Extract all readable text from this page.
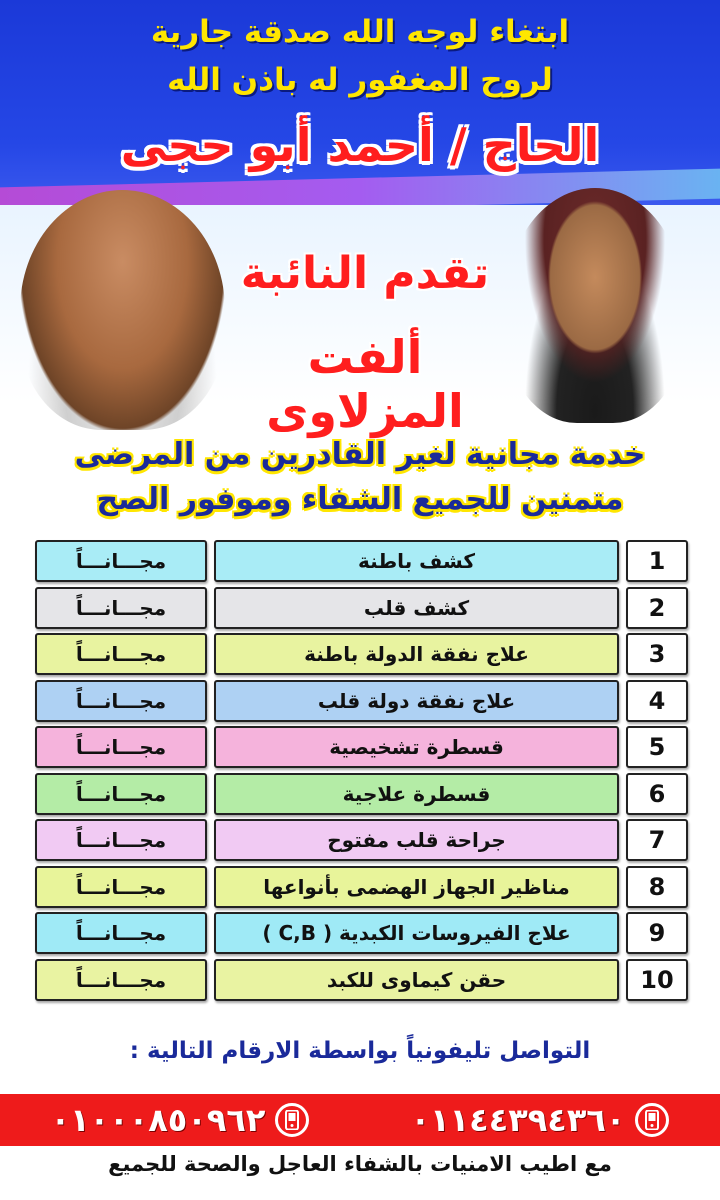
ابتغاء لوجه الله صدقة جارية
لروح المغفور له باذن الله
الحاج / أحمد أبو حجى
تقدم النائبة
ألفت المزلاوى
خدمة مجانية لغير القادرين من المرضى
متمنين للجميع الشفاء وموفور الصح
مجـــانـــاً	كشف باطنة	1
مجـــانـــاً	كشف قلب	2
مجـــانـــاً	علاج نفقة الدولة باطنة	3
مجـــانـــاً	علاج نفقة دولة قلب	4
مجـــانـــاً	قسطرة تشخيصية	5
مجـــانـــاً	قسطرة علاجية	6
مجـــانـــاً	جراحة قلب مفتوح	7
مجـــانـــاً	مناظير الجهاز الهضمى بأنواعها	8
مجـــانـــاً	علاج الفيروسات الكبدية ( C,B )	9
مجـــانـــاً	حقن كيماوى للكبد	10
التواصل تليفونياً بواسطة الارقام التالية :
٠١١٤٤٣٩٤٣٦٠
٠١٠٠٠٨٥٠٩٦٢
مع اطيب الامنيات بالشفاء العاجل والصحة للجميع
